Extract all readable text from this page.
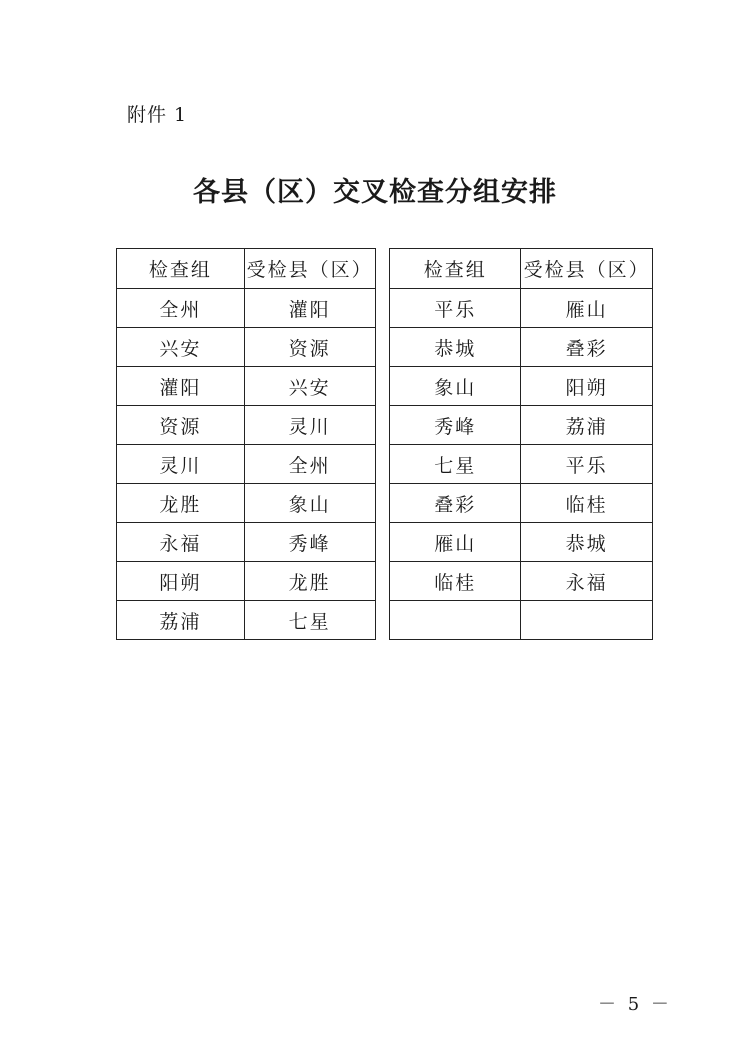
附件 1
各县（区）交叉检查分组安排
检查组	受检县（区）		检查组	受检县（区）
全州	灌阳		平乐	雁山
兴安	资源		恭城	叠彩
灌阳	兴安		象山	阳朔
资源	灵川		秀峰	荔浦
灵川	全州		七星	平乐
龙胜	象山		叠彩	临桂
永福	秀峰		雁山	恭城
阳朔	龙胜		临桂	永福
荔浦	七星			
－ 5 －
